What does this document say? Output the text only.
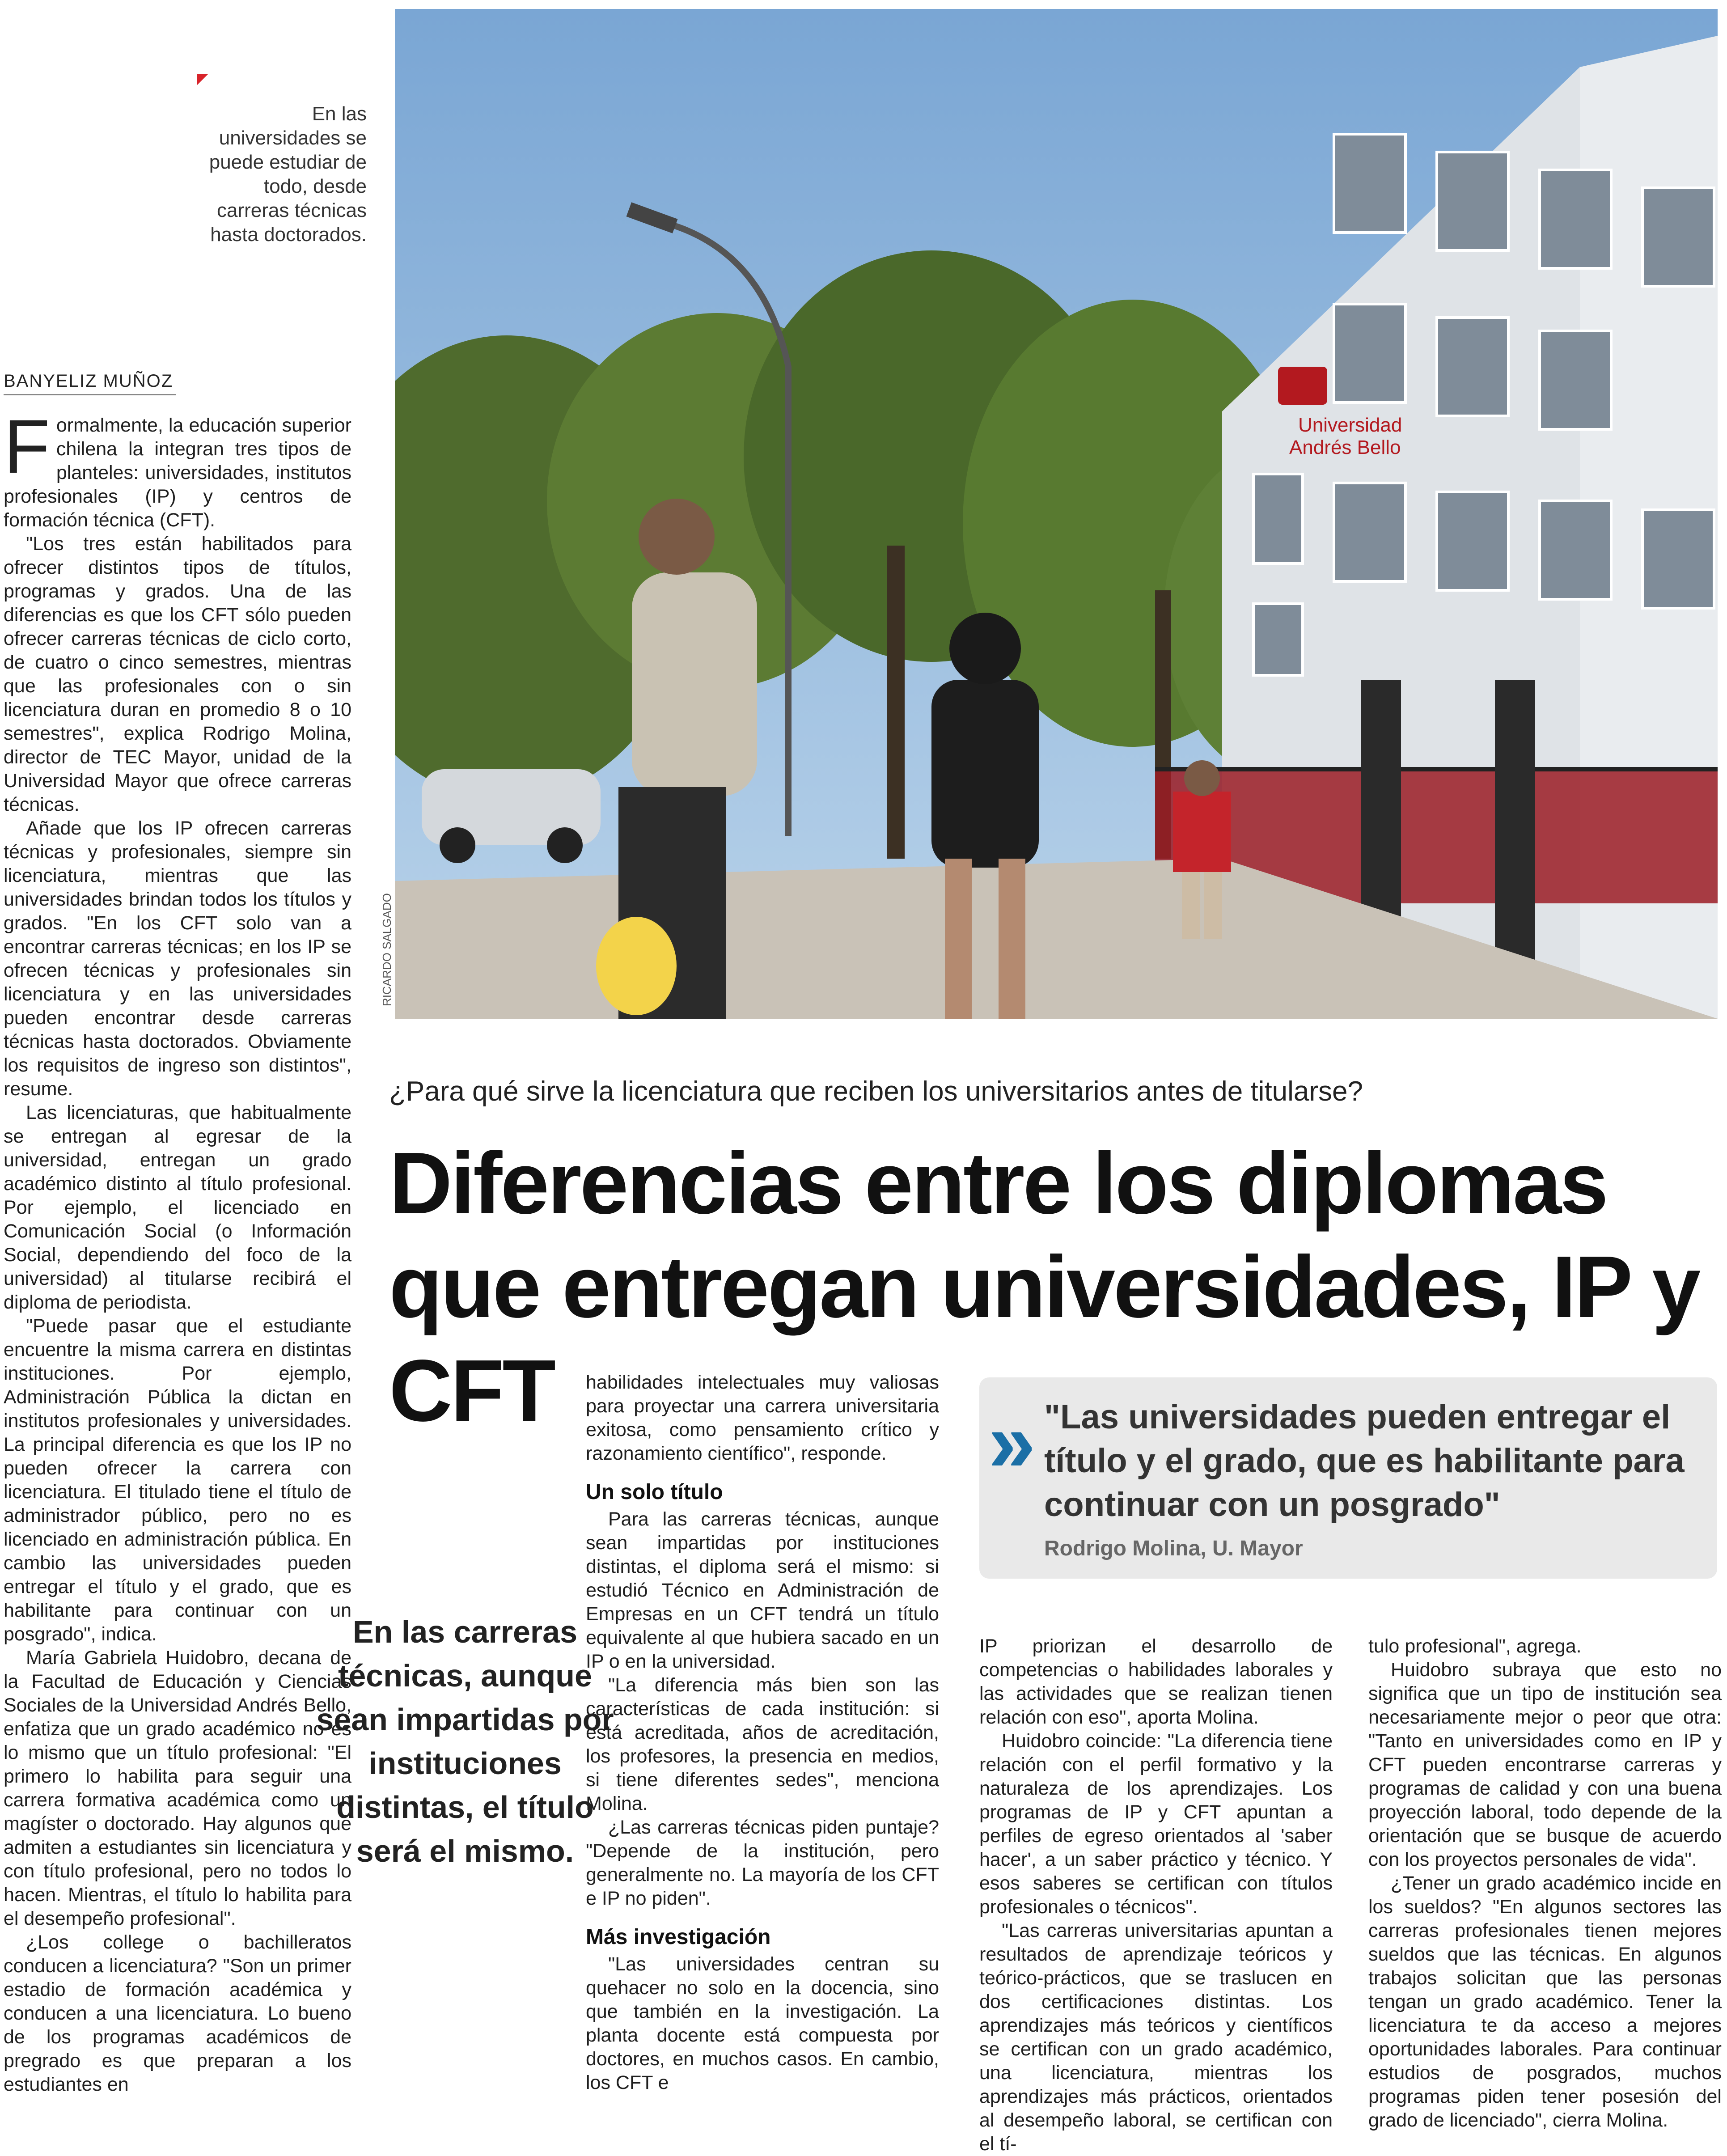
En las universidades se puede estudiar de todo, desde carreras técnicas hasta doctorados.
BANYELIZ MUÑOZ
Universidad
Andrés Bello
RICARDO SALGADO
¿Para qué sirve la licenciatura que reciben los universitarios antes de titularse?
Diferencias entre los diplomas que entregan universidades, IP y CFT

F ormalmente, la educación superior chilena la integran tres tipos de planteles: universidades, institutos profesionales (IP) y centros de formación técnica (CFT).

"Los tres están habilitados para ofrecer distintos tipos de títulos, programas y grados. Una de las diferencias es que los CFT sólo pueden ofrecer carreras técnicas de ciclo corto, de cuatro o cinco semestres, mientras que las profesionales con o sin licenciatura duran en promedio 8 o 10 semestres", explica Rodrigo Molina, director de TEC Mayor, unidad de la Universidad Mayor que ofrece carreras técnicas.

Añade que los IP ofrecen carreras técnicas y profesionales, siempre sin licenciatura, mientras que las universidades brindan todos los títulos y grados. "En los CFT solo van a encontrar carreras técnicas; en los IP se ofrecen técnicas y profesionales sin licenciatura y en las universidades pueden encontrar desde carreras técnicas hasta doctorados. Obviamente los requisitos de ingreso son distintos", resume.

Las licenciaturas, que habitualmente se entregan al egresar de la universidad, entregan un grado académico distinto al título profesional. Por ejemplo, el licenciado en Comunicación Social (o Información Social, dependiendo del foco de la universidad) al titularse recibirá el diploma de periodista.

"Puede pasar que el estudiante encuentre la misma carrera en distintas instituciones. Por ejemplo, Administración Pública la dictan en institutos profesionales y universidades. La principal diferencia es que los IP no pueden ofrecer la carrera con licenciatura. El titulado tiene el título de administrador público, pero no es licenciado en administración pública. En cambio las universidades pueden entregar el título y el grado, que es habilitante para continuar con un posgrado", indica.

María Gabriela Huidobro, decana de la Facultad de Educación y Ciencias Sociales de la Universidad Andrés Bello, enfatiza que un grado académico no es lo mismo que un título profesional: "El primero lo habilita para seguir una carrera formativa académica como un magíster o doctorado. Hay algunos que admiten a estudiantes sin licenciatura y con título profesional, pero no todos lo hacen. Mientras, el título lo habilita para el desempeño profesional".

¿Los college o bachilleratos conducen a licenciatura? "Son un primer estadio de formación académica y conducen a una licenciatura. Lo bueno de los programas académicos de pregrado es que preparan a los estudiantes en

En las carreras técnicas, aunque sean impartidas por instituciones distintas, el título será el mismo.

habilidades intelectuales muy valiosas para proyectar una carrera universitaria exitosa, como pensamiento crítico y razonamiento científico", responde.

Un solo título

Para las carreras técnicas, aunque sean impartidas por instituciones distintas, el diploma será el mismo: si estudió Técnico en Administración de Empresas en un CFT tendrá un título equivalente al que hubiera sacado en un IP o en la universidad.

"La diferencia más bien son las características de cada institución: si está acreditada, años de acreditación, los profesores, la presencia en medios, si tiene diferentes sedes", menciona Molina.

¿Las carreras técnicas piden puntaje? "Depende de la institución, pero generalmente no. La mayoría de los CFT e IP no piden".

Más investigación

"Las universidades centran su quehacer no solo en la docencia, sino que también en la investigación. La planta docente está compuesta por doctores, en muchos casos. En cambio, los CFT e

» "Las universidades pueden entregar el título y el grado, que es habilitante para continuar con un posgrado"
Rodrigo Molina, U. Mayor

IP priorizan el desarrollo de competencias o habilidades laborales y las actividades que se realizan tienen relación con eso", aporta Molina.

Huidobro coincide: "La diferencia tiene relación con el perfil formativo y la naturaleza de los aprendizajes. Los programas de IP y CFT apuntan a perfiles de egreso orientados al 'saber hacer', a un saber práctico y técnico. Y esos saberes se certifican con títulos profesionales o técnicos".

"Las carreras universitarias apuntan a resultados de aprendizaje teóricos y teórico-prácticos, que se traslucen en dos certificaciones distintas. Los aprendizajes más teóricos y científicos se certifican con un grado académico, una licenciatura, mientras los aprendizajes más prácticos, orientados al desempeño laboral, se certifican con el tí-

tulo profesional", agrega.

Huidobro subraya que esto no significa que un tipo de institución sea necesariamente mejor o peor que otra: "Tanto en universidades como en IP y CFT pueden encontrarse carreras y programas de calidad y con una buena proyección laboral, todo depende de la orientación que se busque de acuerdo con los proyectos personales de vida".

¿Tener un grado académico incide en los sueldos? "En algunos sectores las carreras profesionales tienen mejores sueldos que las técnicas. En algunos trabajos solicitan que las personas tengan un grado académico. Tener la licenciatura te da acceso a mejores oportunidades laborales. Para continuar estudios de posgrados, muchos programas piden tener posesión del grado de licenciado", cierra Molina.
